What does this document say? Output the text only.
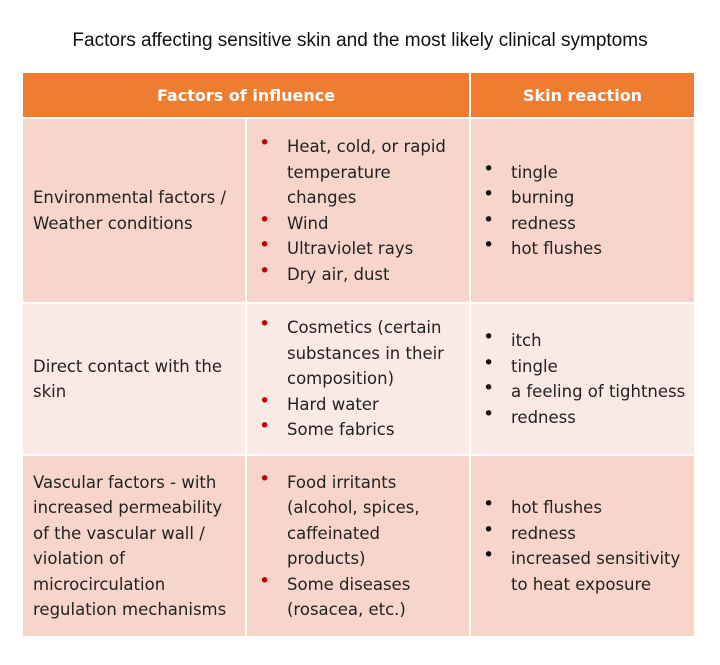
Factors affecting sensitive skin and the most likely clinical symptoms
Factors of influence	Skin reaction
Environmental factors / Weather conditions
• Heat, cold, or rapid temperature changes
• Wind
• Ultraviolet rays
• Dry air, dust
• tingle
• burning
• redness
• hot flushes
Direct contact with the skin
• Cosmetics (certain substances in their composition)
• Hard water
• Some fabrics
• itch
• tingle
• a feeling of tightness
• redness
Vascular factors - with increased permeability of the vascular wall / violation of microcirculation regulation mechanisms
• Food irritants (alcohol, spices, caffeinated products)
• Some diseases (rosacea, etc.)
• hot flushes
• redness
• increased sensitivity to heat exposure
